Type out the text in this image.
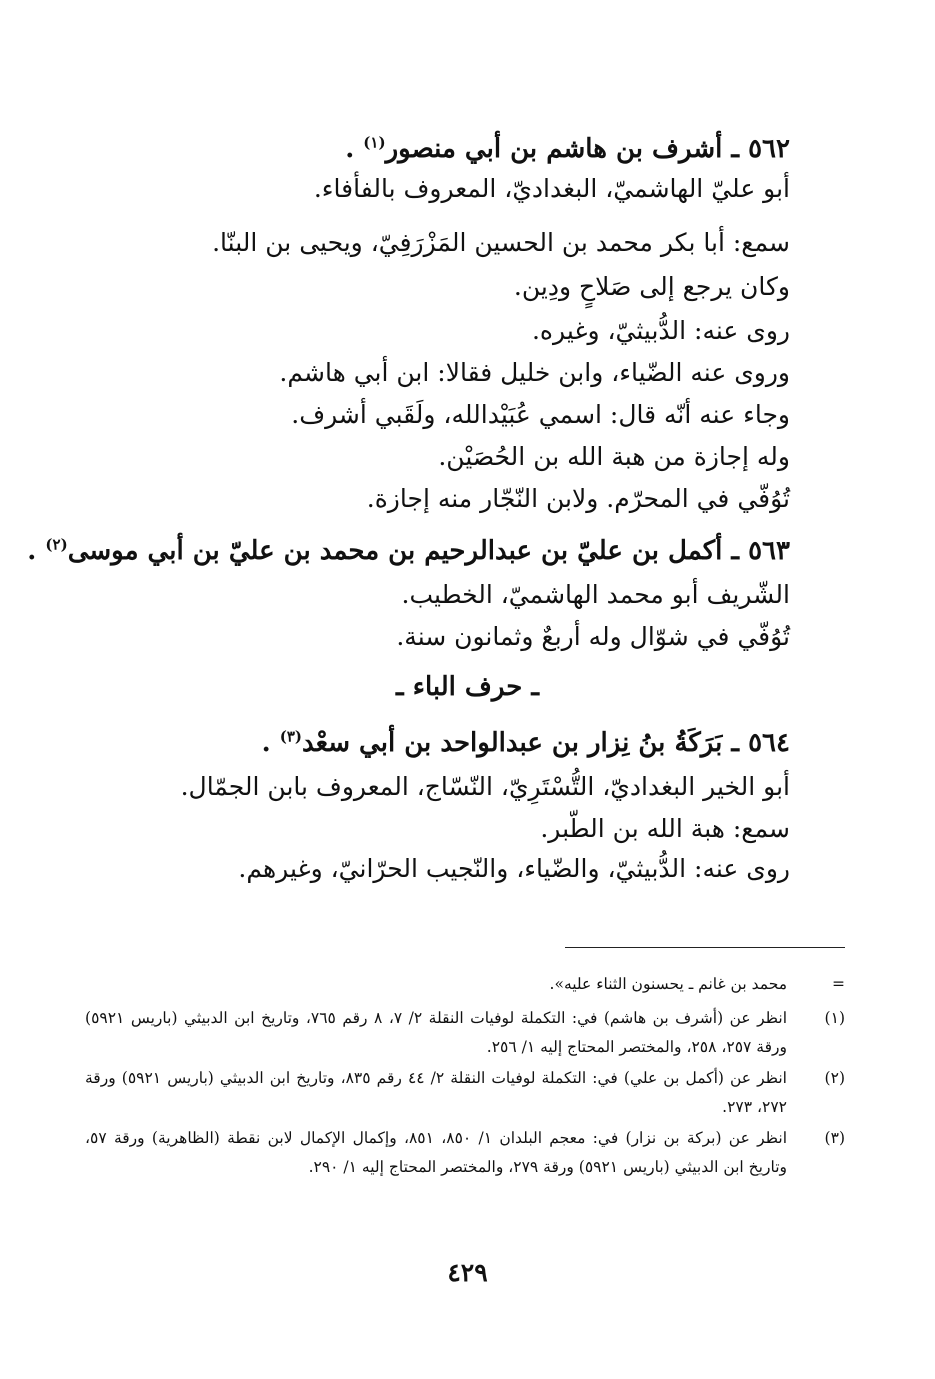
٥٦٢ ـ أشرف بن هاشم بن أبي منصور$^{(١)}$ .
أبو عليّ الهاشميّ، البغداديّ، المعروف بالفأفاء.
سمع: أبا بكر محمد بن الحسين المَزْرَفِيّ، ويحيى بن البنّا.
وكان يرجع إلى صَلاحٍ ودِين.
روى عنه: الدُّبيثيّ، وغيره.
وروى عنه الضّياء، وابن خليل فقالا: ابن أبي هاشم.
وجاء عنه أنّه قال: اسمي عُبَيْدالله، ولَقَبي أشرف.
وله إجازة من هبة الله بن الحُصَيْن.
تُوُفّي في المحرّم. ولابن النّجّار منه إجازة.
٥٦٣ ـ أكمل بن عليّ بن عبدالرحيم بن محمد بن عليّ بن أبي موسى$^{(٢)}$ .
الشّريف أبو محمد الهاشميّ، الخطيب.
تُوُفّي في شوّال وله أربعٌ وثمانون سنة.
ـ حرف الباء ـ
٥٦٤ ـ بَرَكَةُ بنُ نِزار بن عبدالواحد بن أبي سعْد$^{(٣)}$ .
أبو الخير البغداديّ، التُّسْتَرِيّ، النّسّاج، المعروف بابن الجمّال.
سمع: هبة الله بن الطّبر.
روى عنه: الدُّبيثيّ، والضّياء، والنّجيب الحرّانيّ، وغيرهم.
=
محمد بن غانم ـ يحسنون الثناء عليه».
(١)
انظر عن (أشرف بن هاشم) في: التكملة لوفيات النقلة ٢/ ٧، ٨ رقم ٧٦٥، وتاريخ ابن الدبيثي (باريس ٥٩٢١) ورقة ٢٥٧، ٢٥٨، والمختصر المحتاج إليه ١/ ٢٥٦.
(٢)
انظر عن (أكمل بن علي) في: التكملة لوفيات النقلة ٢/ ٤٤ رقم ٨٣٥، وتاريخ ابن الدبيثي (باريس ٥٩٢١) ورقة ٢٧٢، ٢٧٣.
(٣)
انظر عن (بركة بن نزار) في: معجم البلدان ١/ ٨٥٠، ٨٥١، وإكمال الإكمال لابن نقطة (الظاهرية) ورقة ٥٧، وتاريخ ابن الدبيثي (باريس ٥٩٢١) ورقة ٢٧٩، والمختصر المحتاج إليه ١/ ٢٩٠.
٤٢٩
